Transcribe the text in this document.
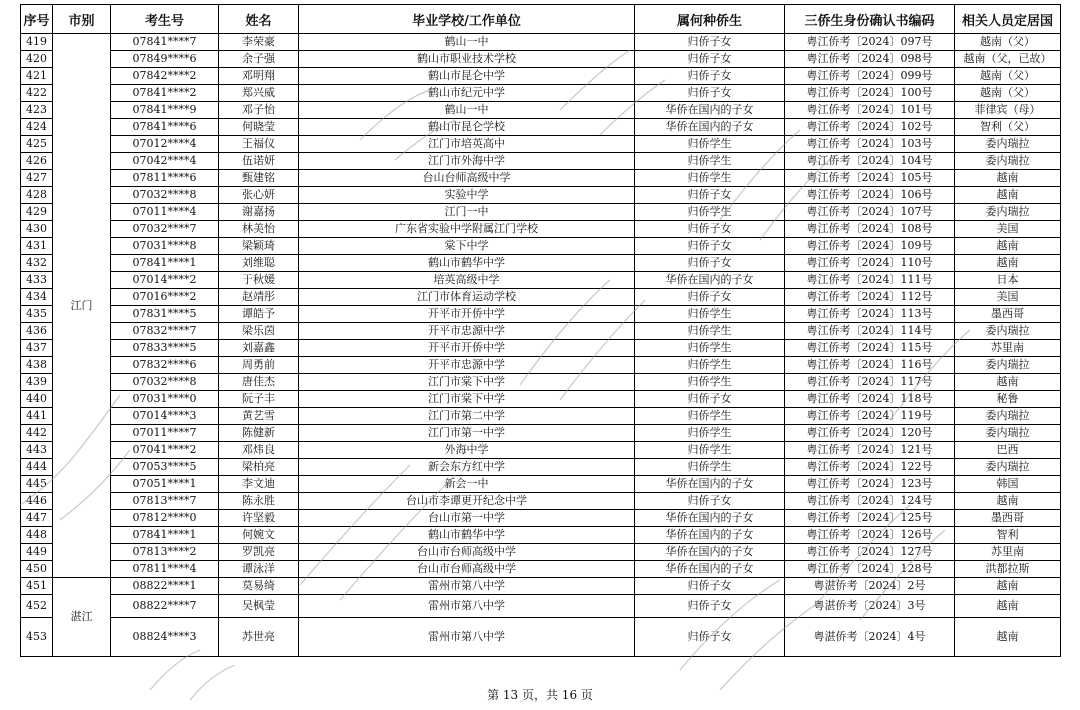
序号	市别	考生号	姓名	毕业学校/工作单位	属何种侨生	三侨生身份确认书编码	相关人员定居国
419	江门	07841****7	李荣豪	鹤山一中	归侨子女	粤江侨考〔2024〕097号	越南（父）
420		07849****6	余子强	鹤山市职业技术学校	归侨子女	粤江侨考〔2024〕098号	越南（父，已故）
421		07842****2	邓明翔	鹤山市昆仑中学	归侨子女	粤江侨考〔2024〕099号	越南（父）
422		07841****2	郑兴威	鹤山市纪元中学	归侨子女	粤江侨考〔2024〕100号	越南（父）
423		07841****9	邓子怡	鹤山一中	华侨在国内的子女	粤江侨考〔2024〕101号	菲律宾（母）
424		07841****6	何晓莹	鹤山市昆仑学校	华侨在国内的子女	粤江侨考〔2024〕102号	智利（父）
425		07012****4	王福仪	江门市培英高中	归侨学生	粤江侨考〔2024〕103号	委内瑞拉
426		07042****4	伍诺妍	江门市外海中学	归侨学生	粤江侨考〔2024〕104号	委内瑞拉
427		07811****6	甄建铭	台山台师高级中学	归侨学生	粤江侨考〔2024〕105号	越南
428		07032****8	张心妍	实验中学	归侨子女	粤江侨考〔2024〕106号	越南
429		07011****4	谢嘉扬	江门一中	归侨学生	粤江侨考〔2024〕107号	委内瑞拉
430		07032****7	林美怡	广东省实验中学附属江门学校	归侨子女	粤江侨考〔2024〕108号	美国
431		07031****8	梁颖琦	棠下中学	归侨子女	粤江侨考〔2024〕109号	越南
432		07841****1	刘维聪	鹤山市鹤华中学	归侨子女	粤江侨考〔2024〕110号	越南
433		07014****2	于秋媛	培英高级中学	华侨在国内的子女	粤江侨考〔2024〕111号	日本
434		07016****2	赵靖彤	江门市体育运动学校	归侨子女	粤江侨考〔2024〕112号	美国
435		07831****5	谭皓予	开平市开侨中学	归侨学生	粤江侨考〔2024〕113号	墨西哥
436		07832****7	梁乐茵	开平市忠源中学	归侨学生	粤江侨考〔2024〕114号	委内瑞拉
437		07833****5	刘嘉鑫	开平市开侨中学	归侨学生	粤江侨考〔2024〕115号	苏里南
438		07832****6	周勇前	开平市忠源中学	归侨学生	粤江侨考〔2024〕116号	委内瑞拉
439		07032****8	唐佳杰	江门市棠下中学	归侨学生	粤江侨考〔2024〕117号	越南
440		07031****0	阮子丰	江门市棠下中学	归侨子女	粤江侨考〔2024〕118号	秘鲁
441		07014****3	黄艺雪	江门市第二中学	归侨学生	粤江侨考〔2024〕119号	委内瑞拉
442		07011****7	陈健新	江门市第一中学	归侨学生	粤江侨考〔2024〕120号	委内瑞拉
443		07041****2	邓炜良	外海中学	归侨学生	粤江侨考〔2024〕121号	巴西
444		07053****5	梁柏亮	新会东方红中学	归侨学生	粤江侨考〔2024〕122号	委内瑞拉
445		07051****1	李文迪	新会一中	华侨在国内的子女	粤江侨考〔2024〕123号	韩国
446		07813****7	陈永胜	台山市李谭更开纪念中学	归侨子女	粤江侨考〔2024〕124号	越南
447		07812****0	许坚毅	台山市第一中学	华侨在国内的子女	粤江侨考〔2024〕125号	墨西哥
448		07841****1	何婉文	鹤山市鹤华中学	华侨在国内的子女	粤江侨考〔2024〕126号	智利
449		07813****2	罗凯亮	台山市台师高级中学	华侨在国内的子女	粤江侨考〔2024〕127号	苏里南
450		07811****4	谭泳洋	台山市台师高级中学	华侨在国内的子女	粤江侨考〔2024〕128号	洪都拉斯
451	湛江	08822****1	莫易绮	雷州市第八中学	归侨子女	粤湛侨考〔2024〕2号	越南
452		08822****7	吴枫莹	雷州市第八中学	归侨子女	粤湛侨考〔2024〕3号	越南
453		08824****3	苏世亮	雷州市第八中学	归侨子女	粤湛侨考〔2024〕4号	越南
第 13 页，共 16 页
